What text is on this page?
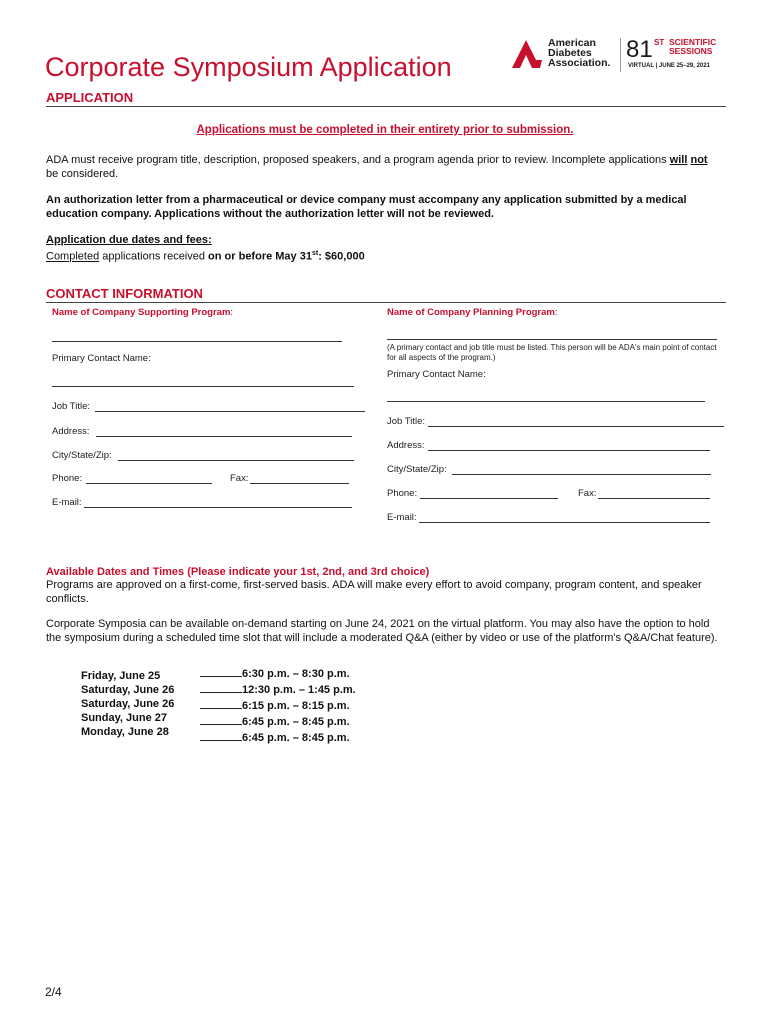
Corporate Symposium Application
American
Diabetes
Association. 81 ST SCIENTIFIC
SESSIONS
VIRTUAL | JUNE 25–29, 2021
APPLICATION
Applications must be completed in their entirety prior to submission.
ADA must receive program title, description, proposed speakers, and a program agenda prior to review. Incomplete applications will not be considered.
An authorization letter from a pharmaceutical or device company must accompany any application submitted by a medical education company. Applications without the authorization letter will not be reviewed.
Application due dates and fees:
Completed applications received on or before May 31st: $60,000
CONTACT INFORMATION
Name of Company Supporting Program:
Primary Contact Name:
Job Title:
Address:
City/State/Zip:
Phone:	Fax:
E-mail:
Name of Company Planning Program:
(A primary contact and job title must be listed. This person will be ADA's main point of contact for all aspects of the program.)
Primary Contact Name:
Job Title:
Address:
City/State/Zip:
Phone:	Fax:
E-mail:
Available Dates and Times (Please indicate your 1st, 2nd, and 3rd choice)
Programs are approved on a first-come, first-served basis. ADA will make every effort to avoid company, program content, and speaker conflicts.
Corporate Symposia can be available on-demand starting on June 24, 2021 on the virtual platform. You may also have the option to hold the symposium during a scheduled time slot that will include a moderated Q&A (either by video or use of the platform's Q&A/Chat feature).
Friday, June 25
Saturday, June 26
Saturday, June 26
Sunday, June 27
Monday, June 28
6:30 p.m. – 8:30 p.m.
12:30 p.m. – 1:45 p.m.
6:15 p.m. – 8:15 p.m.
6:45 p.m. – 8:45 p.m.
6:45 p.m. – 8:45 p.m.
2/4
